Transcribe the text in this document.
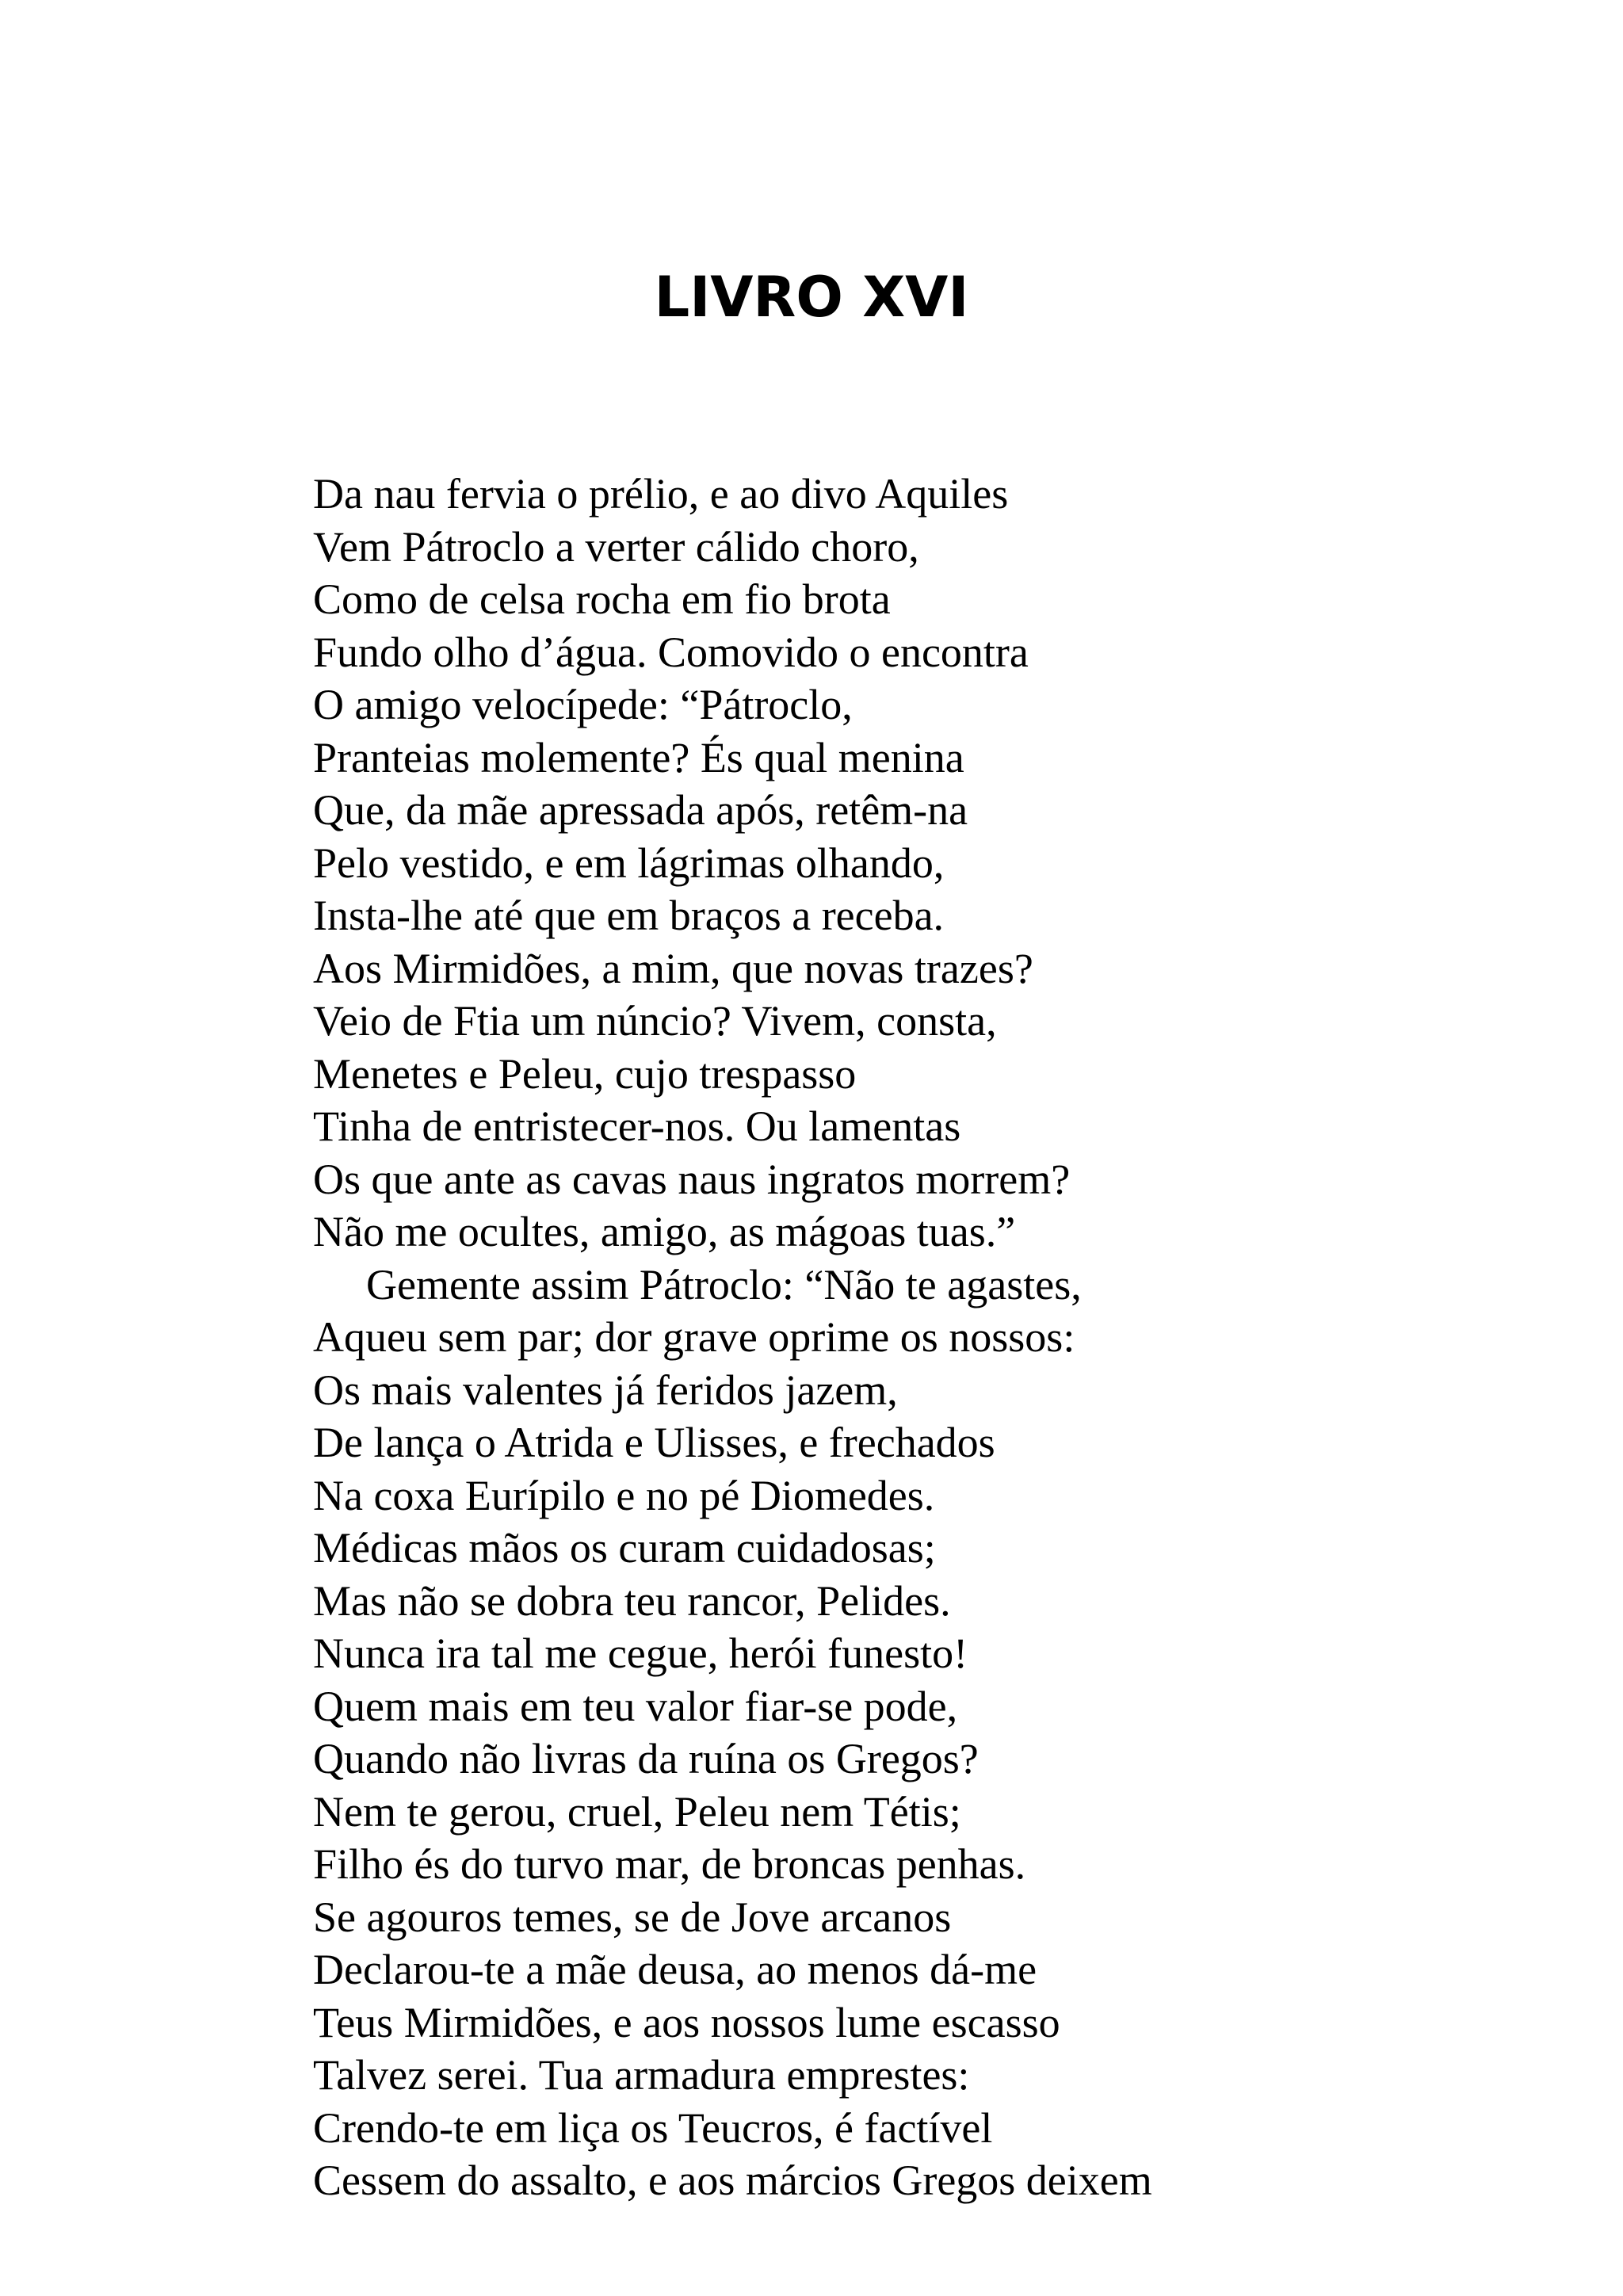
LIVRO XVI
Da nau fervia o prélio, e ao divo Aquiles
Vem Pátroclo a verter cálido choro,
Como de celsa rocha em fio brota
Fundo olho d’água. Comovido o encontra
O amigo velocípede: “Pátroclo,
Pranteias molemente? És qual menina
Que, da mãe apressada após, retêm-na
Pelo vestido, e em lágrimas olhando,
Insta-lhe até que em braços a receba.
Aos Mirmidões, a mim, que novas trazes?
Veio de Ftia um núncio? Vivem, consta,
Menetes e Peleu, cujo trespasso
Tinha de entristecer-nos. Ou lamentas
Os que ante as cavas naus ingratos morrem?
Não me ocultes, amigo, as mágoas tuas.”
Gemente assim Pátroclo: “Não te agastes,
Aqueu sem par; dor grave oprime os nossos:
Os mais valentes já feridos jazem,
De lança o Atrida e Ulisses, e frechados
Na coxa Eurípilo e no pé Diomedes.
Médicas mãos os curam cuidadosas;
Mas não se dobra teu rancor, Pelides.
Nunca ira tal me cegue, herói funesto!
Quem mais em teu valor fiar-se pode,
Quando não livras da ruína os Gregos?
Nem te gerou, cruel, Peleu nem Tétis;
Filho és do turvo mar, de broncas penhas.
Se agouros temes, se de Jove arcanos
Declarou-te a mãe deusa, ao menos dá-me
Teus Mirmidões, e aos nossos lume escasso
Talvez serei. Tua armadura emprestes:
Crendo-te em liça os Teucros, é factível
Cessem do assalto, e aos márcios Gregos deixem
